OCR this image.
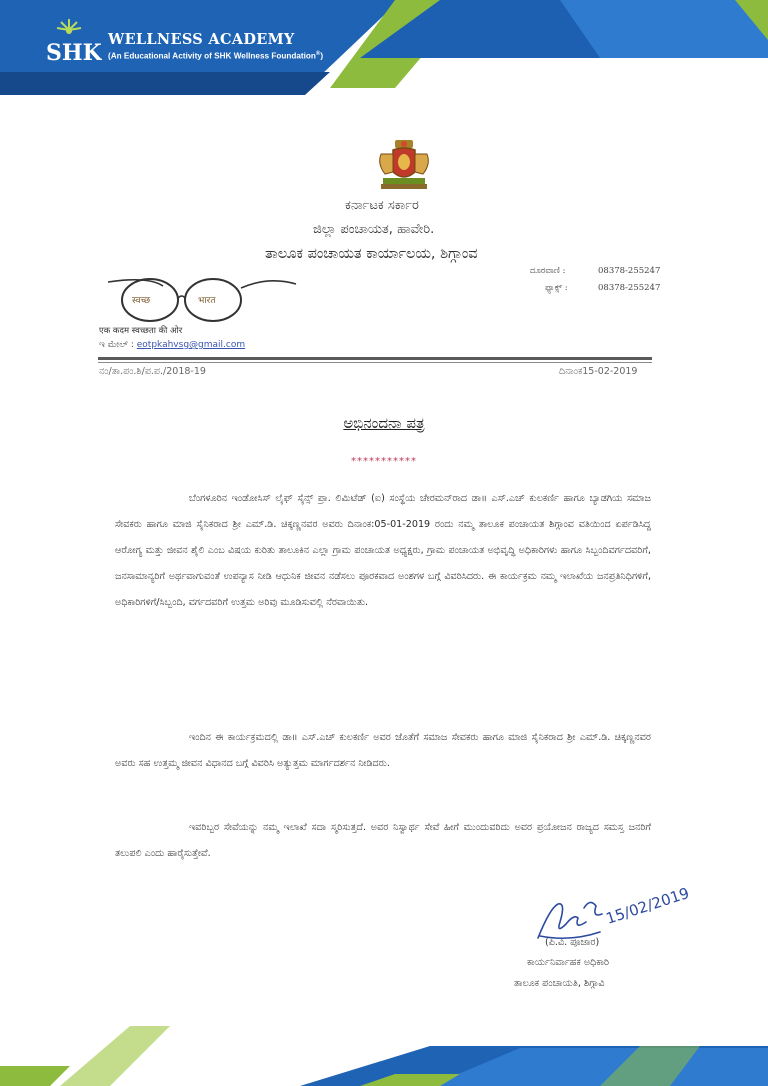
SHK
WELLNESS ACADEMY
(An Educational Activity of SHK Wellness Foundation®)
ಕರ್ನಾಟಕ ಸರ್ಕಾರ
ಜಿಲ್ಲಾ ಪಂಚಾಯತ, ಹಾವೇರಿ.
ತಾಲೂಕ ಪಂಚಾಯತ ಕಾರ್ಯಾಲಯ, ಶಿಗ್ಗಾಂವ
ದೂರವಾಣಿ :	08378-255247
ಫ್ಯಾಕ್ಸ್ :	08378-255247
स्वच्छ	भारत
एक कदम स्वच्छता की ओर
ಇ ಮೇಲ್ : eotpkahvsg@gmail.com
ನಂ/ತಾ.ಪಂ.ಶಿ/ಪ.ಪ./2018-19	ದಿನಾಂಕ15-02-2019
ಅಭಿನಂದನಾ ಪತ್ರ
***********
ಬೆಂಗಳೂರಿನ ಇಂಡೋಸಿಸ್ ಲೈಫ್ ಸೈನ್ಸ್ ಪ್ರಾ. ಲಿಮಿಟೆಡ್ (ಐ) ಸಂಸ್ಥೆಯ ಚೇರಮನ್‌ರಾದ ಡಾ॥ ಎಸ್.ಎಚ್ ಕುಲಕರ್ಣಿ ಹಾಗೂ ಬ್ಯಾಡಗಿಯ ಸಮಾಜ ಸೇವಕರು ಹಾಗೂ ಮಾಜಿ ಸೈನಿಕರಾದ ಶ್ರೀ ಎಮ್.ಡಿ. ಚಿಕ್ಕಣ್ಣನವರ ಅವರು ದಿನಾಂಕ:05-01-2019 ರಂದು ನಮ್ಮ ತಾಲೂಕ ಪಂಚಾಯತ ಶಿಗ್ಗಾಂವ ವತಿಯಿಂದ ಏರ್ಪಡಿಸಿದ್ದ ಆರೋಗ್ಯ ಮತ್ತು ಜೀವನ ಶೈಲಿ ಎಂಬ ವಿಷಯ ಕುರಿತು ತಾಲೂಕಿನ ಎಲ್ಲಾ ಗ್ರಾಮ ಪಂಚಾಯತ ಅಧ್ಯಕ್ಷರು, ಗ್ರಾಮ ಪಂಚಾಯತ ಅಭಿವೃದ್ಧಿ ಅಧಿಕಾರಿಗಳು ಹಾಗೂ ಸಿಬ್ಬಂದಿವರ್ಗದವರಿಗೆ, ಜನಸಾಮಾನ್ಯರಿಗೆ ಅರ್ಥವಾಗುವಂತೆ ಉಪನ್ಯಾಸ ನೀಡಿ ಆಧುನಿಕ ಜೀವನ ನಡೆಸಲು ಪೂರಕವಾದ ಅಂಶಗಳ ಬಗ್ಗೆ ವಿವರಿಸಿದರು. ಈ ಕಾರ್ಯಕ್ರಮ ನಮ್ಮ ಇಲಾಖೆಯ ಜನಪ್ರತಿನಿಧಿಗಳಿಗೆ, ಅಧಿಕಾರಿಗಳಿಗೆ/ಸಿಬ್ಬಂದಿ, ವರ್ಗದವರಿಗೆ ಉತ್ತಮ ಅರಿವು ಮೂಡಿಸುವಲ್ಲಿ ನೆರವಾಯಿತು.
ಇಂದಿನ ಈ ಕಾರ್ಯಕ್ರಮದಲ್ಲಿ ಡಾ॥ ಎಸ್.ಎಚ್ ಕುಲಕರ್ಣಿ ಅವರ ಜೊತೆಗೆ ಸಮಾಜ ಸೇವಕರು ಹಾಗೂ ಮಾಜಿ ಸೈನಿಕರಾದ ಶ್ರೀ ಎಮ್.ಡಿ. ಚಿಕ್ಕಣ್ಣನವರ ಅವರು ಸಹ ಉತ್ತಮ್ಮ ಜೀವನ ವಿಧಾನದ ಬಗ್ಗೆ ವಿವರಿಸಿ ಅತ್ಯುತ್ತಮ ಮಾರ್ಗದರ್ಶನ ನೀಡಿದರು.
ಇವರಿಬ್ಬರ ಸೇವೆಯನ್ನು ನಮ್ಮ ಇಲಾಖೆ ಸದಾ ಸ್ಮರಿಸುತ್ತದೆ. ಅವರ ನಿಸ್ವಾರ್ಥ ಸೇವೆ ಹೀಗೆ ಮುಂದುವರಿದು ಅವರ ಪ್ರಯೋಜನ ರಾಜ್ಯದ ಸಮಸ್ತ ಜನರಿಗೆ ತಲುಪಲಿ ಎಂದು ಹಾರೈಸುತ್ತೇವೆ.
15/02/2019
(ಪಿ.ವಿ. ಪೂಜಾರ)
ಕಾರ್ಯನಿರ್ವಾಹಕ ಅಧಿಕಾರಿ
ತಾಲೂಕ ಪಂಚಾಯತಿ, ಶಿಗ್ಗಾವಿ
